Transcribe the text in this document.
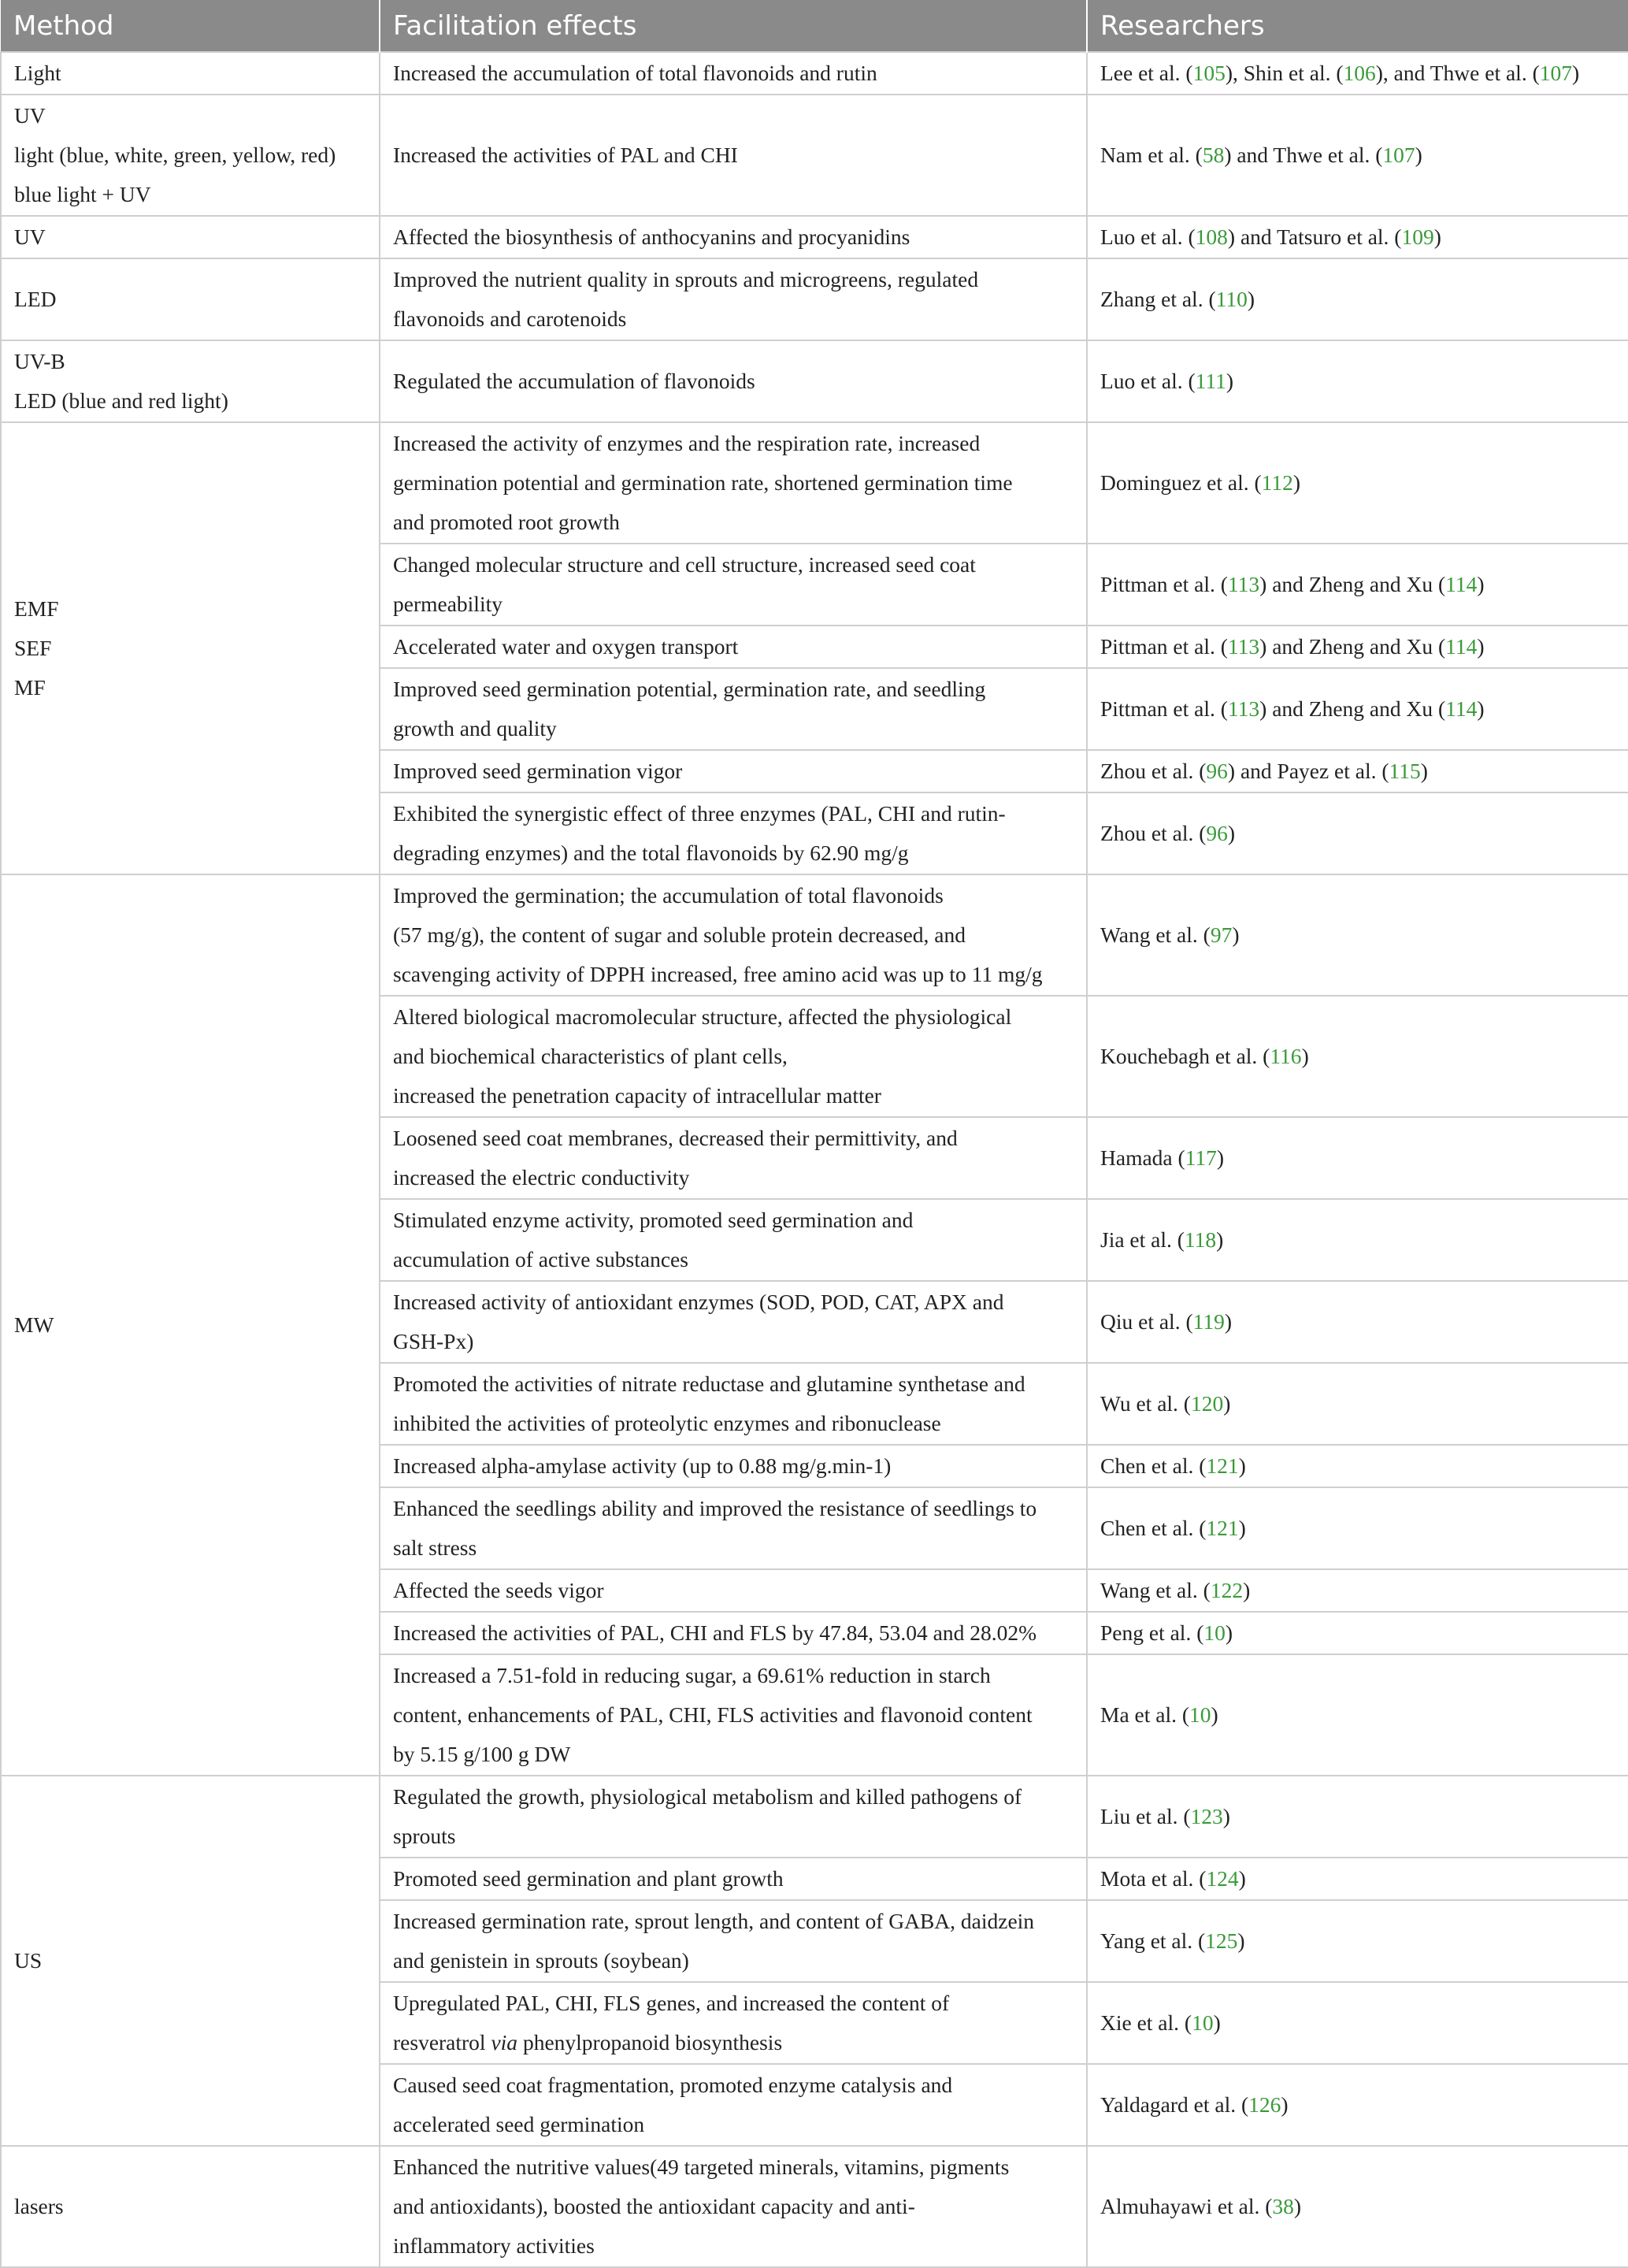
Method	Facilitation effects	Researchers

Light	Increased the accumulation of total flavonoids and rutin	Lee et al. (105), Shin et al. (106), and Thwe et al. (107)

UV
light (blue, white, green, yellow, red)
blue light + UV	Increased the activities of PAL and CHI	Nam et al. (58) and Thwe et al. (107)

UV	Affected the biosynthesis of anthocyanins and procyanidins	Luo et al. (108) and Tatsuro et al. (109)

LED	Improved the nutrient quality in sprouts and microgreens, regulated
flavonoids and carotenoids	Zhang et al. (110)

UV-B
LED (blue and red light)	Regulated the accumulation of flavonoids	Luo et al. (111)

EMF
SEF
MF	Increased the activity of enzymes and the respiration rate, increased
germination potential and germination rate, shortened germination time
and promoted root growth	Dominguez et al. (112)

	Changed molecular structure and cell structure, increased seed coat
permeability	Pittman et al. (113) and Zheng and Xu (114)

	Accelerated water and oxygen transport	Pittman et al. (113) and Zheng and Xu (114)

	Improved seed germination potential, germination rate, and seedling
growth and quality	Pittman et al. (113) and Zheng and Xu (114)

	Improved seed germination vigor	Zhou et al. (96) and Payez et al. (115)

	Exhibited the synergistic effect of three enzymes (PAL, CHI and rutin-
degrading enzymes) and the total flavonoids by 62.90 mg/g	Zhou et al. (96)

MW	Improved the germination; the accumulation of total flavonoids
(57 mg/g), the content of sugar and soluble protein decreased, and
scavenging activity of DPPH increased, free amino acid was up to 11 mg/g	Wang et al. (97)

	Altered biological macromolecular structure, affected the physiological
and biochemical characteristics of plant cells,
increased the penetration capacity of intracellular matter	Kouchebagh et al. (116)

	Loosened seed coat membranes, decreased their permittivity, and
increased the electric conductivity	Hamada (117)

	Stimulated enzyme activity, promoted seed germination and
accumulation of active substances	Jia et al. (118)

	Increased activity of antioxidant enzymes (SOD, POD, CAT, APX and
GSH-Px)	Qiu et al. (119)

	Promoted the activities of nitrate reductase and glutamine synthetase and
inhibited the activities of proteolytic enzymes and ribonuclease	Wu et al. (120)

	Increased alpha-amylase activity (up to 0.88 mg/g.min-1)	Chen et al. (121)

	Enhanced the seedlings ability and improved the resistance of seedlings to
salt stress	Chen et al. (121)

	Affected the seeds vigor	Wang et al. (122)

	Increased the activities of PAL, CHI and FLS by 47.84, 53.04 and 28.02%	Peng et al. (10)

	Increased a 7.51-fold in reducing sugar, a 69.61% reduction in starch
content, enhancements of PAL, CHI, FLS activities and flavonoid content
by 5.15 g/100 g DW	Ma et al. (10)

US	Regulated the growth, physiological metabolism and killed pathogens of
sprouts	Liu et al. (123)

	Promoted seed germination and plant growth	Mota et al. (124)

	Increased germination rate, sprout length, and content of GABA, daidzein
and genistein in sprouts (soybean)	Yang et al. (125)

	Upregulated PAL, CHI, FLS genes, and increased the content of
resveratrol via phenylpropanoid biosynthesis	Xie et al. (10)

	Caused seed coat fragmentation, promoted enzyme catalysis and
accelerated seed germination	Yaldagard et al. (126)

lasers	Enhanced the nutritive values(49 targeted minerals, vitamins, pigments
and antioxidants), boosted the antioxidant capacity and anti-
inflammatory activities	Almuhayawi et al. (38)
